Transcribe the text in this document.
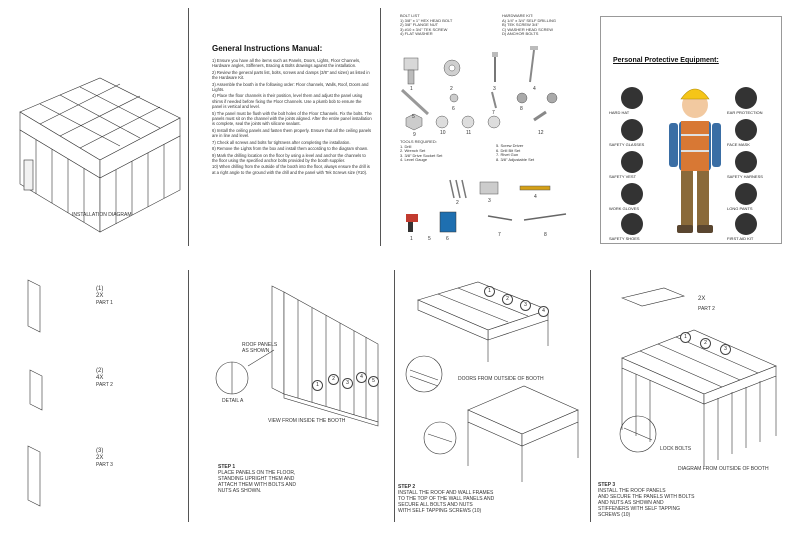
INSTALLATION DIAGRAM
General Instructions Manual:

1) Ensure you have all the items such as Panels, Doors, Lights, Floor Channels, Hardware angles, Stiffeners, Bracing & Bolts drawings against the installation.

2) Review the general parts list, bolts, screws and clamps (3/8" and sizes) as listed in the Hardware Kit.

3) Assemble the booth in the following order: Floor channels, Walls, Roof, Doors and Lights.

4) Place the floor channels in their position, level them and adjust the panel using shims if needed before fixing the Floor Channels. Use a plumb bob to ensure the panel is vertical and level.

5) The panel must be flush with the bolt holes of the Floor Channels. Fix the bolts. The panels must sit on the channel with the joints aligned. After the entire panel installation is complete, seal the joints with silicone sealant.

6) Install the ceiling panels and fasten them properly. Ensure that all the ceiling panels are in line and level.

7) Check all screws and bolts for tightness after completing the installation.

8) Remove the Lights from the box and install them according to the diagram shown.

9) Mark the drilling location on the floor by using a level and anchor the channels to the floor using the specified anchor bolts provided by the booth supplier.

10) When drilling from the outside of the booth into the floor, always ensure the drill is at a right angle to the ground with the drill and the panel with Tek Screws size (#10).

BOLT LIST
1) 3/8" x 1" HEX HEAD BOLT
2) 3/8" FLANGE NUT
3) #10 x 3/4" TEK SCREW
4) FLAT WASHER
HARDWARE KIT:
A) 1/4" x 3/4" SELF DRILLING
B) TEK SCREW 3/4"
C) WASHER HEAD SCREW
D) ANCHOR BOLTS
TOOLS REQUIRED:
1. Drill
2. Wrench Set
3. 3/8" Drive Socket Set
4. Level Gauge
5. Screw Driver
6. Drill Bit Set
7. Rivet Gun
8. 3/8" Adjustable Set
1	2	3	4
5
6
7
8
9	10	11	12
1
2	3
4
5	6
7	8
Personal Protective Equipment:
HARD HAT
SAFETY GLASSES
SAFETY VEST
WORK GLOVES
SAFETY SHOES
EAR PROTECTION
FACE MASK
SAFETY HARNESS
LONG PANTS
FIRST AID KIT
(1)
2X
PART 1
(2)
4X
PART 2
(3)
2X
PART 3
DETAIL A
ROOF PANELS AS SHOWN
1
2
3
4
5
VIEW FROM INSIDE THE BOOTH
STEP 1
PLACE PANELS ON THE FLOOR,
STANDING UPRIGHT THEM AND
ATTACH THEM WITH BOLTS AND
NUTS AS SHOWN.
1
2
3
4
DOORS FROM OUTSIDE OF BOOTH
STEP 2
INSTALL THE ROOF AND WALL FRAMES
TO THE TOP OF THE WALL PANELS AND
SECURE ALL BOLTS AND NUTS
WITH SELF TAPPING SCREWS (10)
2X
PART 2
1
2
3
LOCK BOLTS
DIAGRAM FROM OUTSIDE OF BOOTH
STEP 3
INSTALL THE ROOF PANELS
AND SECURE THE PANELS WITH BOLTS
AND NUTS AS SHOWN AND
STIFFENERS WITH SELF TAPPING
SCREWS (10)
